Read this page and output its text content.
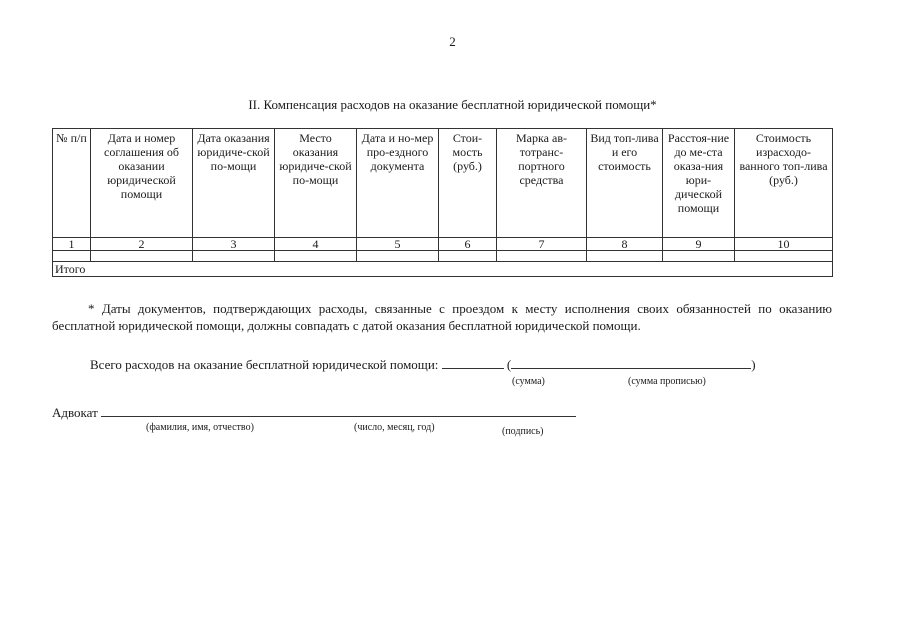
2
II. Компенсация расходов на оказание бесплатной юридической помощи*
№ п/п	Дата и номер соглашения об оказании юридической помощи	Дата оказания юридиче-ской по-мощи	Место оказания юридиче-ской по-мощи	Дата и но-мер про-ездного документа	Стои-мость (руб.)	Марка ав-тотранс-портного средства	Вид топ-лива и его стоимость	Расстоя-ние до ме-ста оказа-ния юри-дической помощи	Стоимость израсходо-ванного топ-лива (руб.)
1	2	3	4	5	6	7	8	9	10

Итого									
* Даты документов, подтверждающих расходы, связанные с проездом к месту исполнения своих обязанностей по оказанию бесплатной юридической помощи, должны совпадать с датой оказания бесплатной юридической помощи.
Всего расходов на оказание бесплатной юридической помощи:	(	)
(сумма)	(сумма прописью)
Адвокат
(фамилия, имя, отчество)	(число, месяц, год)	(подпись)
